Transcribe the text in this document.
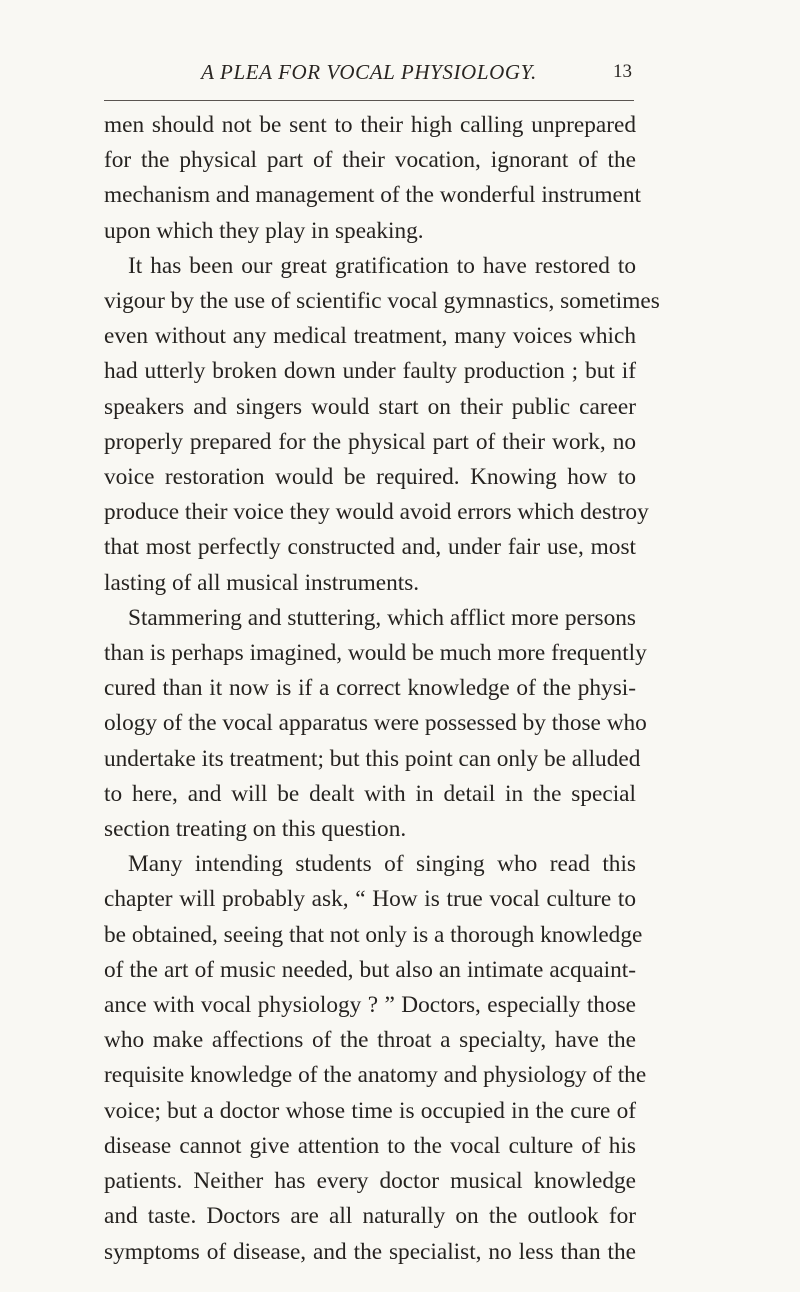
A PLEA FOR VOCAL PHYSIOLOGY.	13
men should not be sent to their high calling unprepared
for the physical part of their vocation, ignorant of the
mechanism and management of the wonderful instrument
upon which they play in speaking.
It has been our great gratification to have restored to
vigour by the use of scientific vocal gymnastics, sometimes
even without any medical treatment, many voices which
had utterly broken down under faulty production ; but if
speakers and singers would start on their public career
properly prepared for the physical part of their work, no
voice restoration would be required. Knowing how to
produce their voice they would avoid errors which destroy
that most perfectly constructed and, under fair use, most
lasting of all musical instruments.
Stammering and stuttering, which afflict more persons
than is perhaps imagined, would be much more frequently
cured than it now is if a correct knowledge of the physi-
ology of the vocal apparatus were possessed by those who
undertake its treatment; but this point can only be alluded
to here, and will be dealt with in detail in the special
section treating on this question.
Many intending students of singing who read this
chapter will probably ask, “ How is true vocal culture to
be obtained, seeing that not only is a thorough knowledge
of the art of music needed, but also an intimate acquaint-
ance with vocal physiology ? ” Doctors, especially those
who make affections of the throat a specialty, have the
requisite knowledge of the anatomy and physiology of the
voice; but a doctor whose time is occupied in the cure of
disease cannot give attention to the vocal culture of his
patients. Neither has every doctor musical knowledge
and taste. Doctors are all naturally on the outlook for
symptoms of disease, and the specialist, no less than the
